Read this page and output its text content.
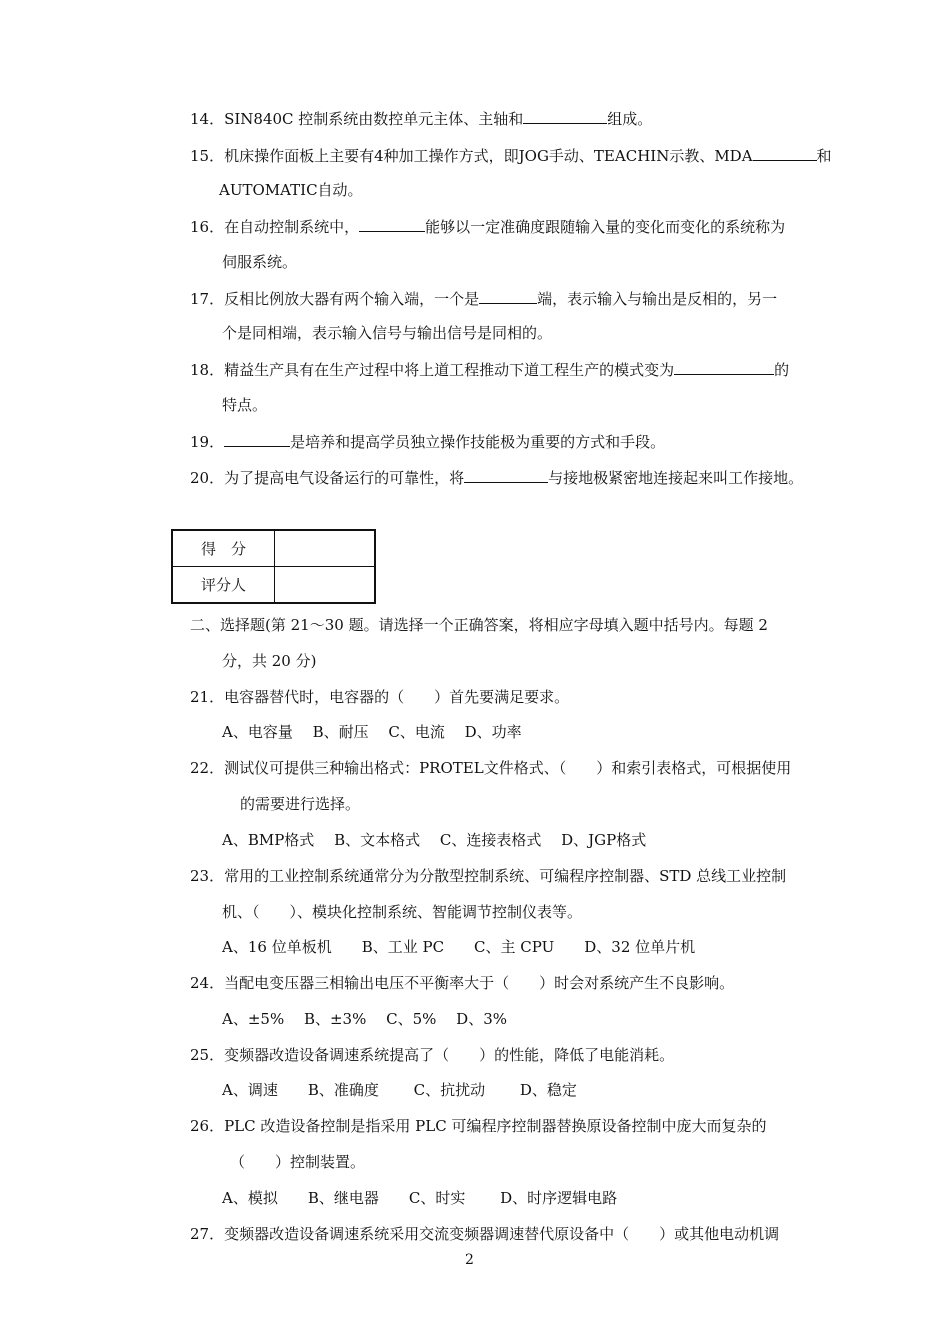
14．SIN840C 控制系统由数控单元主体、主轴和	组成。
15．机床操作面板上主要有4种加工操作方式，即JOG手动、TEACHIN示教、MDA	和
AUTOMATIC自动。
16．在自动控制系统中，	能够以一定准确度跟随输入量的变化而变化的系统称为
伺服系统。
17．反相比例放大器有两个输入端，一个是	端，表示输入与输出是反相的，另一
个是同相端，表示输入信号与输出信号是同相的。
18．精益生产具有在生产过程中将上道工程推动下道工程生产的模式变为	的
特点。
19．	是培养和提高学员独立操作技能极为重要的方式和手段。
20．为了提高电气设备运行的可靠性，将	与接地极紧密地连接起来叫工作接地。
得　分	
评分人	
二、选择题(第 21～30 题。请选择一个正确答案，将相应字母填入题中括号内。每题 2
分，共 20 分)
21．电容器替代时，电容器的（　　）首先要满足要求。
A、电容量　 B、耐压　 C、电流　 D、功率
22．测试仪可提供三种输出格式：PROTEL文件格式、（　　）和索引表格式，可根据使用
的需要进行选择。
A、BMP格式　 B、文本格式　 C、连接表格式　 D、JGP格式
23．常用的工业控制系统通常分为分散型控制系统、可编程序控制器、STD 总线工业控制
机、（　　）、模块化控制系统、智能调节控制仪表等。
A、16 位单板机　　B、工业 PC　　C、主 CPU　　D、32 位单片机
24．当配电变压器三相输出电压不平衡率大于（　　）时会对系统产生不良影响。
A、±5%　 B、±3%　 C、5%　 D、3%
25．变频器改造设备调速系统提高了（　　）的性能，降低了电能消耗。
A、调速　　B、准确度　　 C、抗扰动　　 D、稳定
26．PLC 改造设备控制是指采用 PLC 可编程序控制器替换原设备控制中庞大而复杂的
（　　）控制装置。
A、模拟　　B、继电器　　C、时实　　 D、时序逻辑电路
27．变频器改造设备调速系统采用交流变频器调速替代原设备中（　　）或其他电动机调
2
